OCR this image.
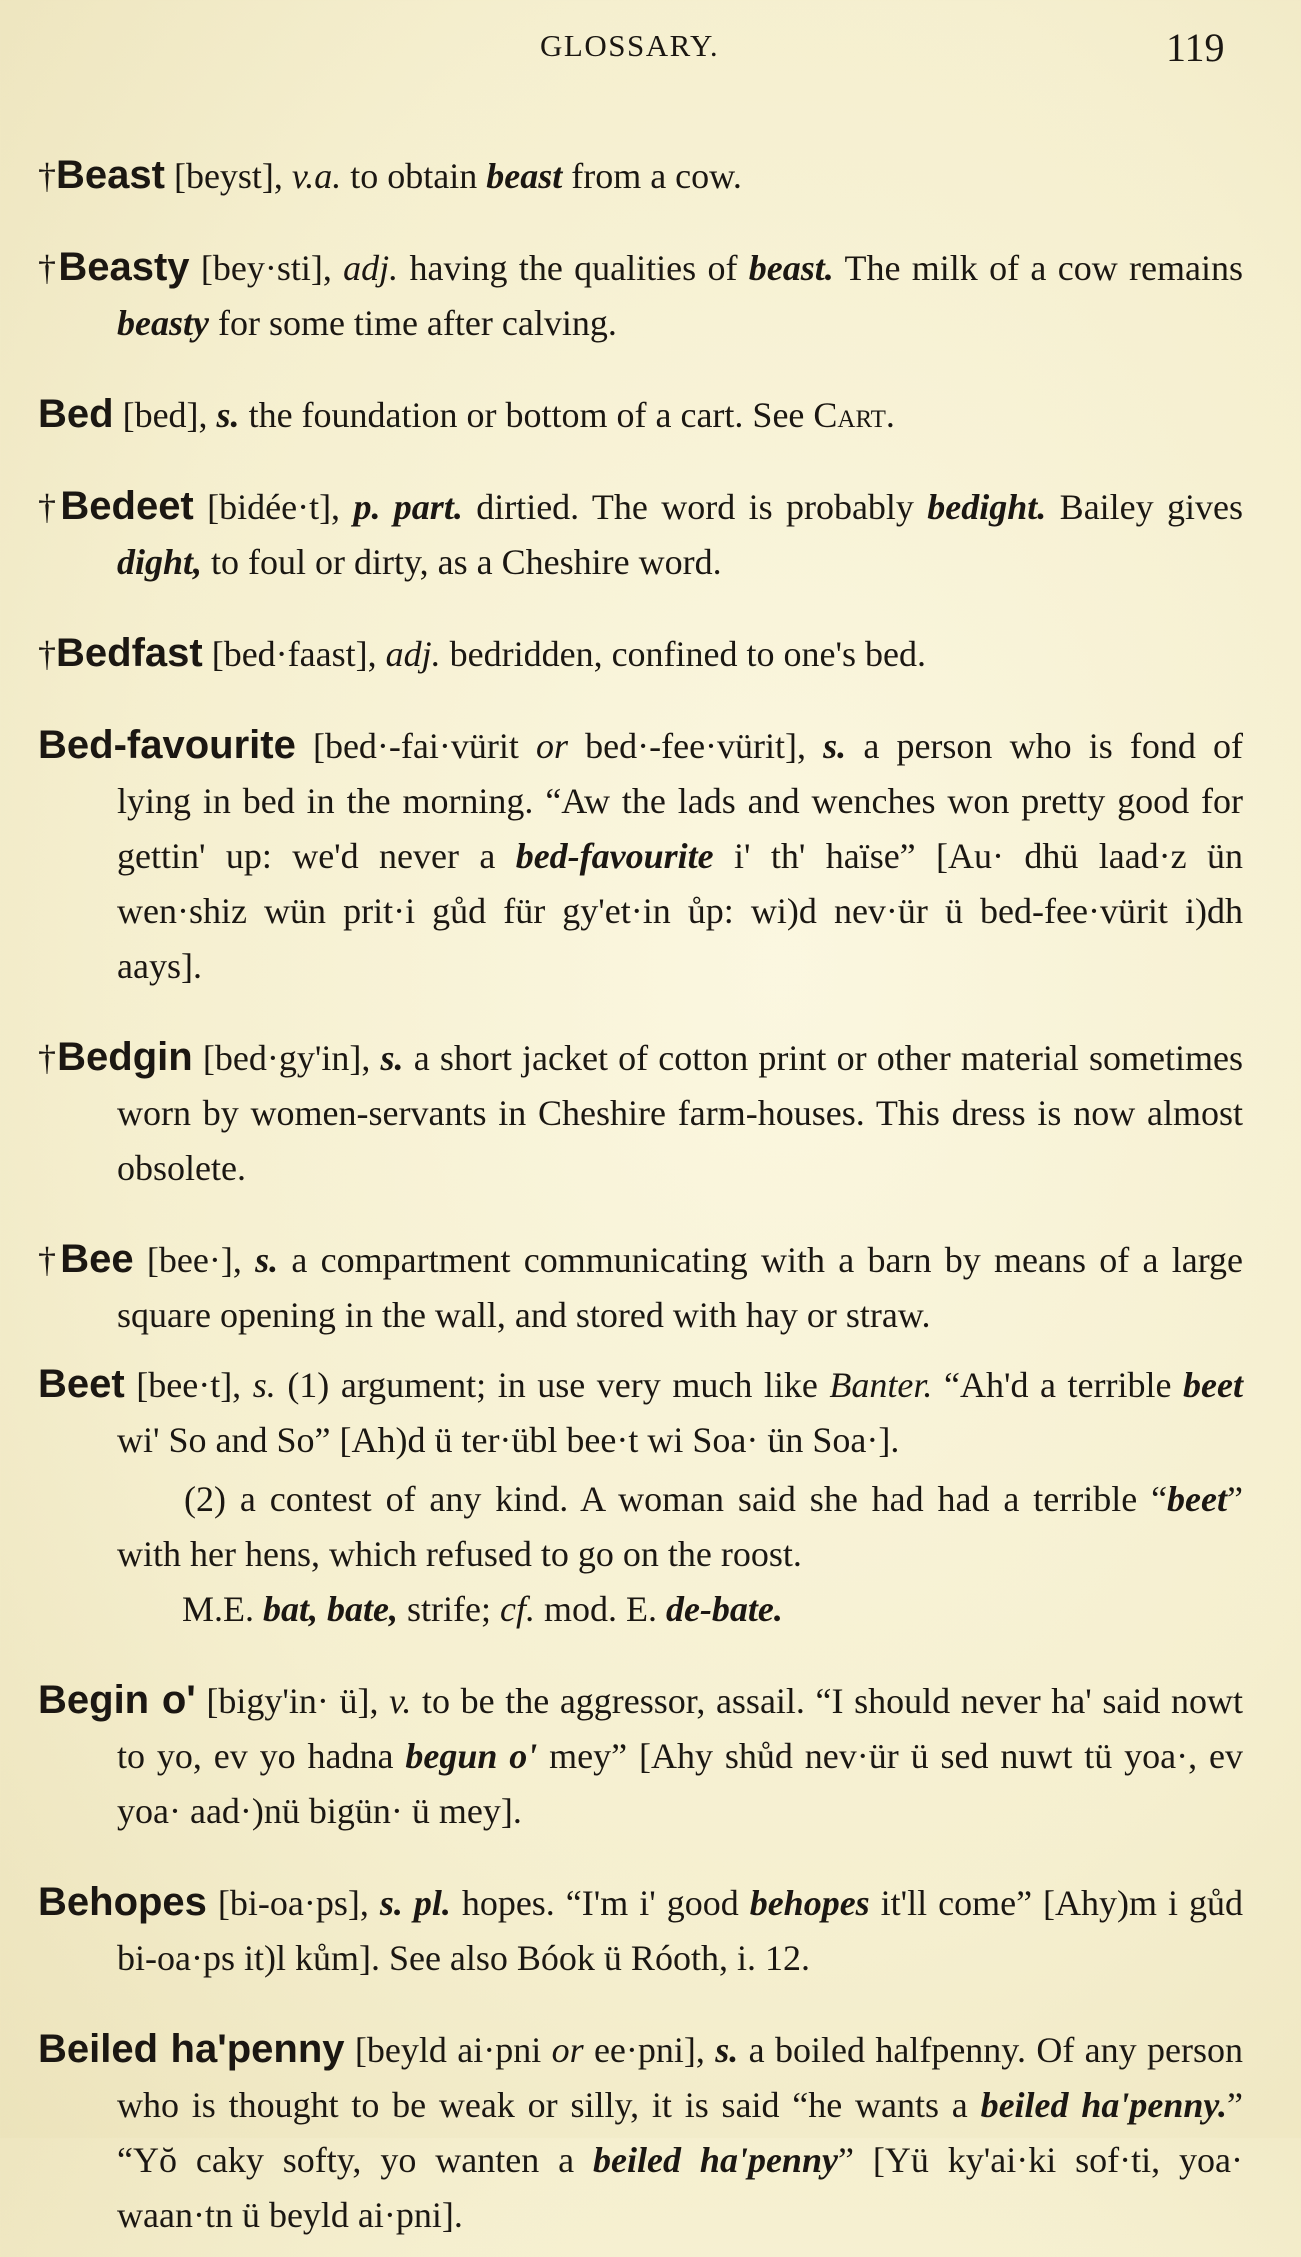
GLOSSARY.	119

†Beast [beyst], v.a. to obtain beast from a cow.

†Beasty [bey·sti], adj. having the qualities of beast. The milk of a cow remains beasty for some time after calving.

Bed [bed], s. the foundation or bottom of a cart. See Cart.

†Bedeet [bidée·t], p. part. dirtied. The word is probably bedight. Bailey gives dight, to foul or dirty, as a Cheshire word.

†Bedfast [bed·faast], adj. bedridden, confined to one's bed.

Bed-favourite [bed·-fai·vürit or bed·-fee·vürit], s. a person who is fond of lying in bed in the morning. “Aw the lads and wenches won pretty good for gettin' up: we'd never a bed-favourite i' th' haïse” [Au· dhü laad·z ün wen·shiz wün prit·i gůd für gy'et·in ůp: wi)d nev·ür ü bed-fee·vürit i)dh aays].

†Bedgin [bed·gy'in], s. a short jacket of cotton print or other material sometimes worn by women-servants in Cheshire farm-houses. This dress is now almost obsolete.

†Bee [bee·], s. a compartment communicating with a barn by means of a large square opening in the wall, and stored with hay or straw.

Beet [bee·t], s. (1) argument; in use very much like Banter. “Ah'd a terrible beet wi' So and So” [Ah)d ü ter·übl bee·t wi Soa· ün Soa·].

(2) a contest of any kind. A woman said she had had a terrible “beet” with her hens, which refused to go on the roost.

M.E. bat, bate, strife; cf. mod. E. de-bate.

Begin o' [bigy'in· ü], v. to be the aggressor, assail. “I should never ha' said nowt to yo, ev yo hadna begun o' mey” [Ahy shůd nev·ür ü sed nuwt tü yoa·, ev yoa· aad·)nü bigün· ü mey].

Behopes [bi-oa·ps], s. pl. hopes. “I'm i' good behopes it'll come” [Ahy)m i gůd bi-oa·ps it)l kům]. See also Bóok ü Róoth, i. 12.

Beiled ha'penny [beyld ai·pni or ee·pni], s. a boiled halfpenny. Of any person who is thought to be weak or silly, it is said “he wants a beiled ha'penny.” “Yŏ caky softy, yo wanten a beiled ha'penny” [Yü ky'ai·ki sof·ti, yoa· waan·tn ü beyld ai·pni].
